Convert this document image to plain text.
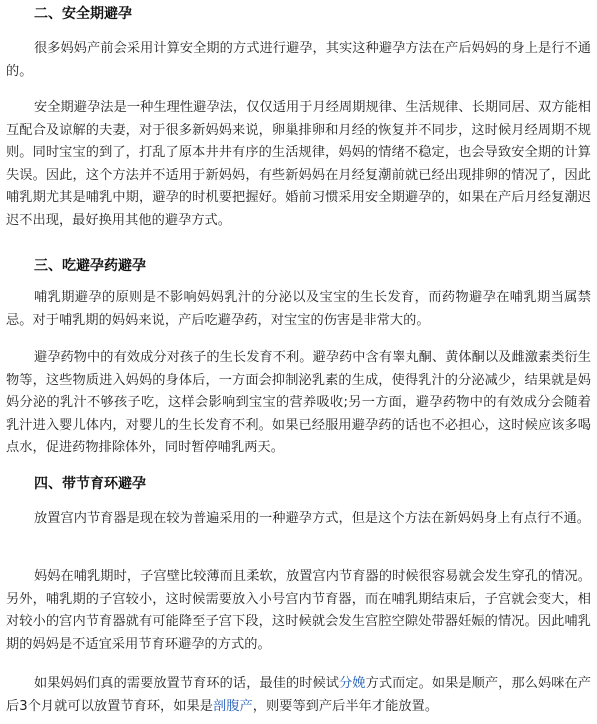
二、安全期避孕

很多妈妈产前会采用计算安全期的方式进行避孕，其实这种避孕方法在产后妈妈的身上是行不通的。

安全期避孕法是一种生理性避孕法，仅仅适用于月经周期规律、生活规律、长期同居、双方能相互配合及谅解的夫妻，对于很多新妈妈来说，卵巢排卵和月经的恢复并不同步，这时候月经周期不规则。同时宝宝的到了，打乱了原本井井有序的生活规律，妈妈的情绪不稳定，也会导致安全期的计算失误。因此，这个方法并不适用于新妈妈，有些新妈妈在月经复潮前就已经出现排卵的情况了，因此哺乳期尤其是哺乳中期，避孕的时机要把握好。婚前习惯采用安全期避孕的，如果在产后月经复潮迟迟不出现，最好换用其他的避孕方式。

三、吃避孕药避孕

哺乳期避孕的原则是不影响妈妈乳汁的分泌以及宝宝的生长发育，而药物避孕在哺乳期当属禁忌。对于哺乳期的妈妈来说，产后吃避孕药，对宝宝的伤害是非常大的。

避孕药物中的有效成分对孩子的生长发育不利。避孕药中含有睾丸酮、黄体酮以及雌激素类衍生物等，这些物质进入妈妈的身体后，一方面会抑制泌乳素的生成，使得乳汁的分泌减少，结果就是妈妈分泌的乳汁不够孩子吃，这样会影响到宝宝的营养吸收;另一方面，避孕药物中的有效成分会随着乳汁进入婴儿体内，对婴儿的生长发育不利。如果已经服用避孕药的话也不必担心，这时候应该多喝点水，促进药物排除体外，同时暂停哺乳两天。

四、带节育环避孕

放置宫内节育器是现在较为普遍采用的一种避孕方式，但是这个方法在新妈妈身上有点行不通。

妈妈在哺乳期时，子宫壁比较薄而且柔软，放置宫内节育器的时候很容易就会发生穿孔的情况。另外，哺乳期的子宫较小，这时候需要放入小号宫内节育器，而在哺乳期结束后，子宫就会变大，相对较小的宫内节育器就有可能降至子宫下段，这时候就会发生宫腔空隙处带器妊娠的情况。因此哺乳期的妈妈是不适宜采用节育环避孕的方式的。

如果妈妈们真的需要放置节育环的话，最佳的时候试分娩方式而定。如果是顺产，那么妈咪在产后3个月就可以放置节育环，如果是剖腹产，则要等到产后半年才能放置。
